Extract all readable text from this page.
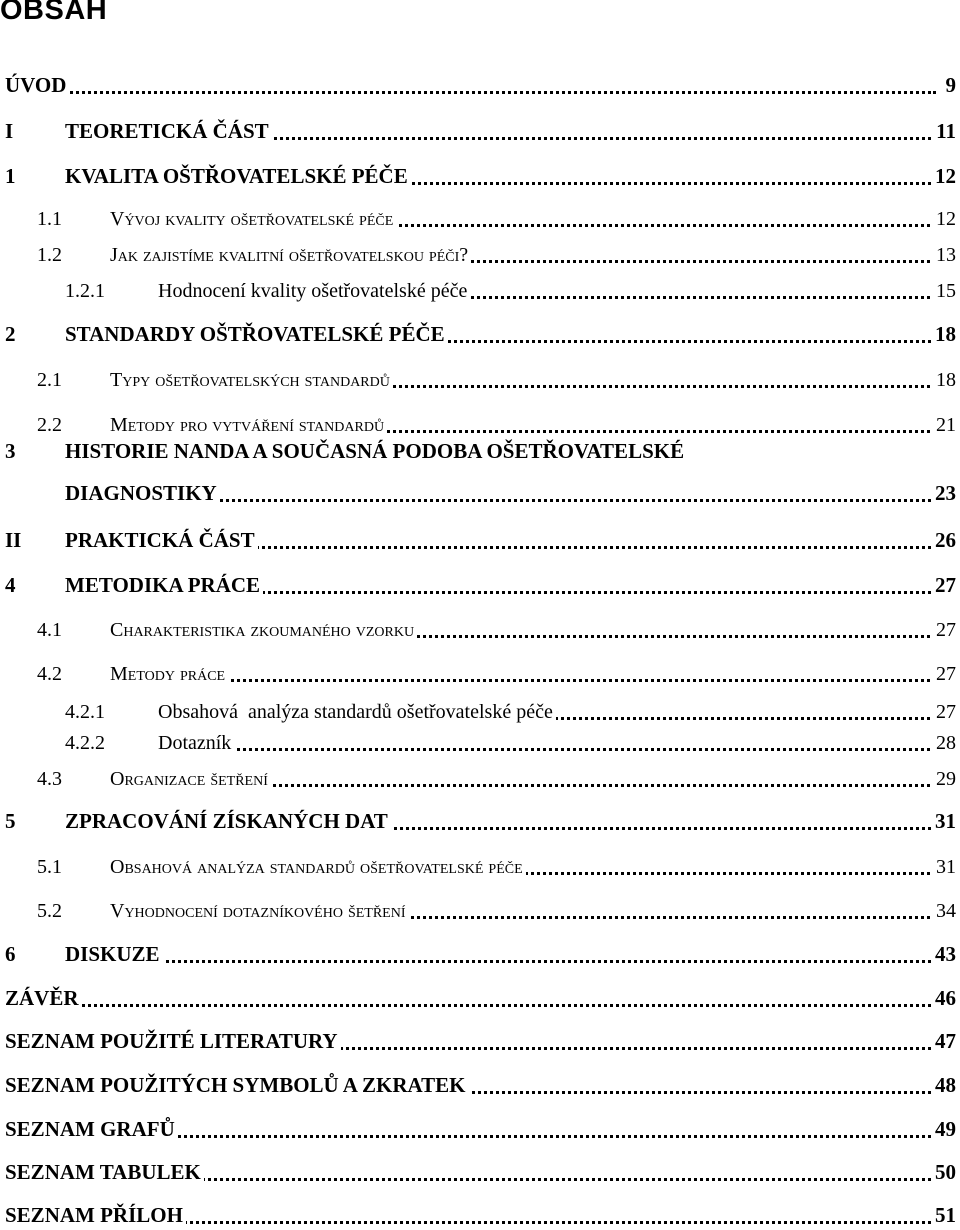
OBSAH
ÚVOD	9
I TEORETICKÁ ČÁST	11
1 KVALITA OŠTŘOVATELSKÉ PÉČE	12
1.1 Vývoj kvality ošetřovatelské péče	12
1.2 Jak zajistíme kvalitní ošetřovatelskou péči?	13
1.2.1	Hodnocení kvality ošetřovatelské péče	15
2 STANDARDY OŠTŘOVATELSKÉ PÉČE	18
2.1 Typy ošetřovatelských standardů	18
2.2 Metody pro vytváření standardů	21
3 HISTORIE NANDA A SOUČASNÁ PODOBA OŠETŘOVATELSKÉ
DIAGNOSTIKY	23
II PRAKTICKÁ ČÁST	26
4 METODIKA PRÁCE	27
4.1 Charakteristika zkoumaného vzorku	27
4.2 Metody práce	27
4.2.1	Obsahová  analýza standardů ošetřovatelské péče	27
4.2.2	Dotazník	28
4.3 Organizace šetření	29
5 ZPRACOVÁNÍ ZÍSKANÝCH DAT	31
5.1 Obsahová analýza standardů ošetřovatelské péče	31
5.2 Vyhodnocení dotazníkového šetření	34
6 DISKUZE	43
ZÁVĚR	46
SEZNAM POUŽITÉ LITERATURY	47
SEZNAM POUŽITÝCH SYMBOLŮ A ZKRATEK	48
SEZNAM GRAFŮ	49
SEZNAM TABULEK	50
SEZNAM PŘÍLOH	51
